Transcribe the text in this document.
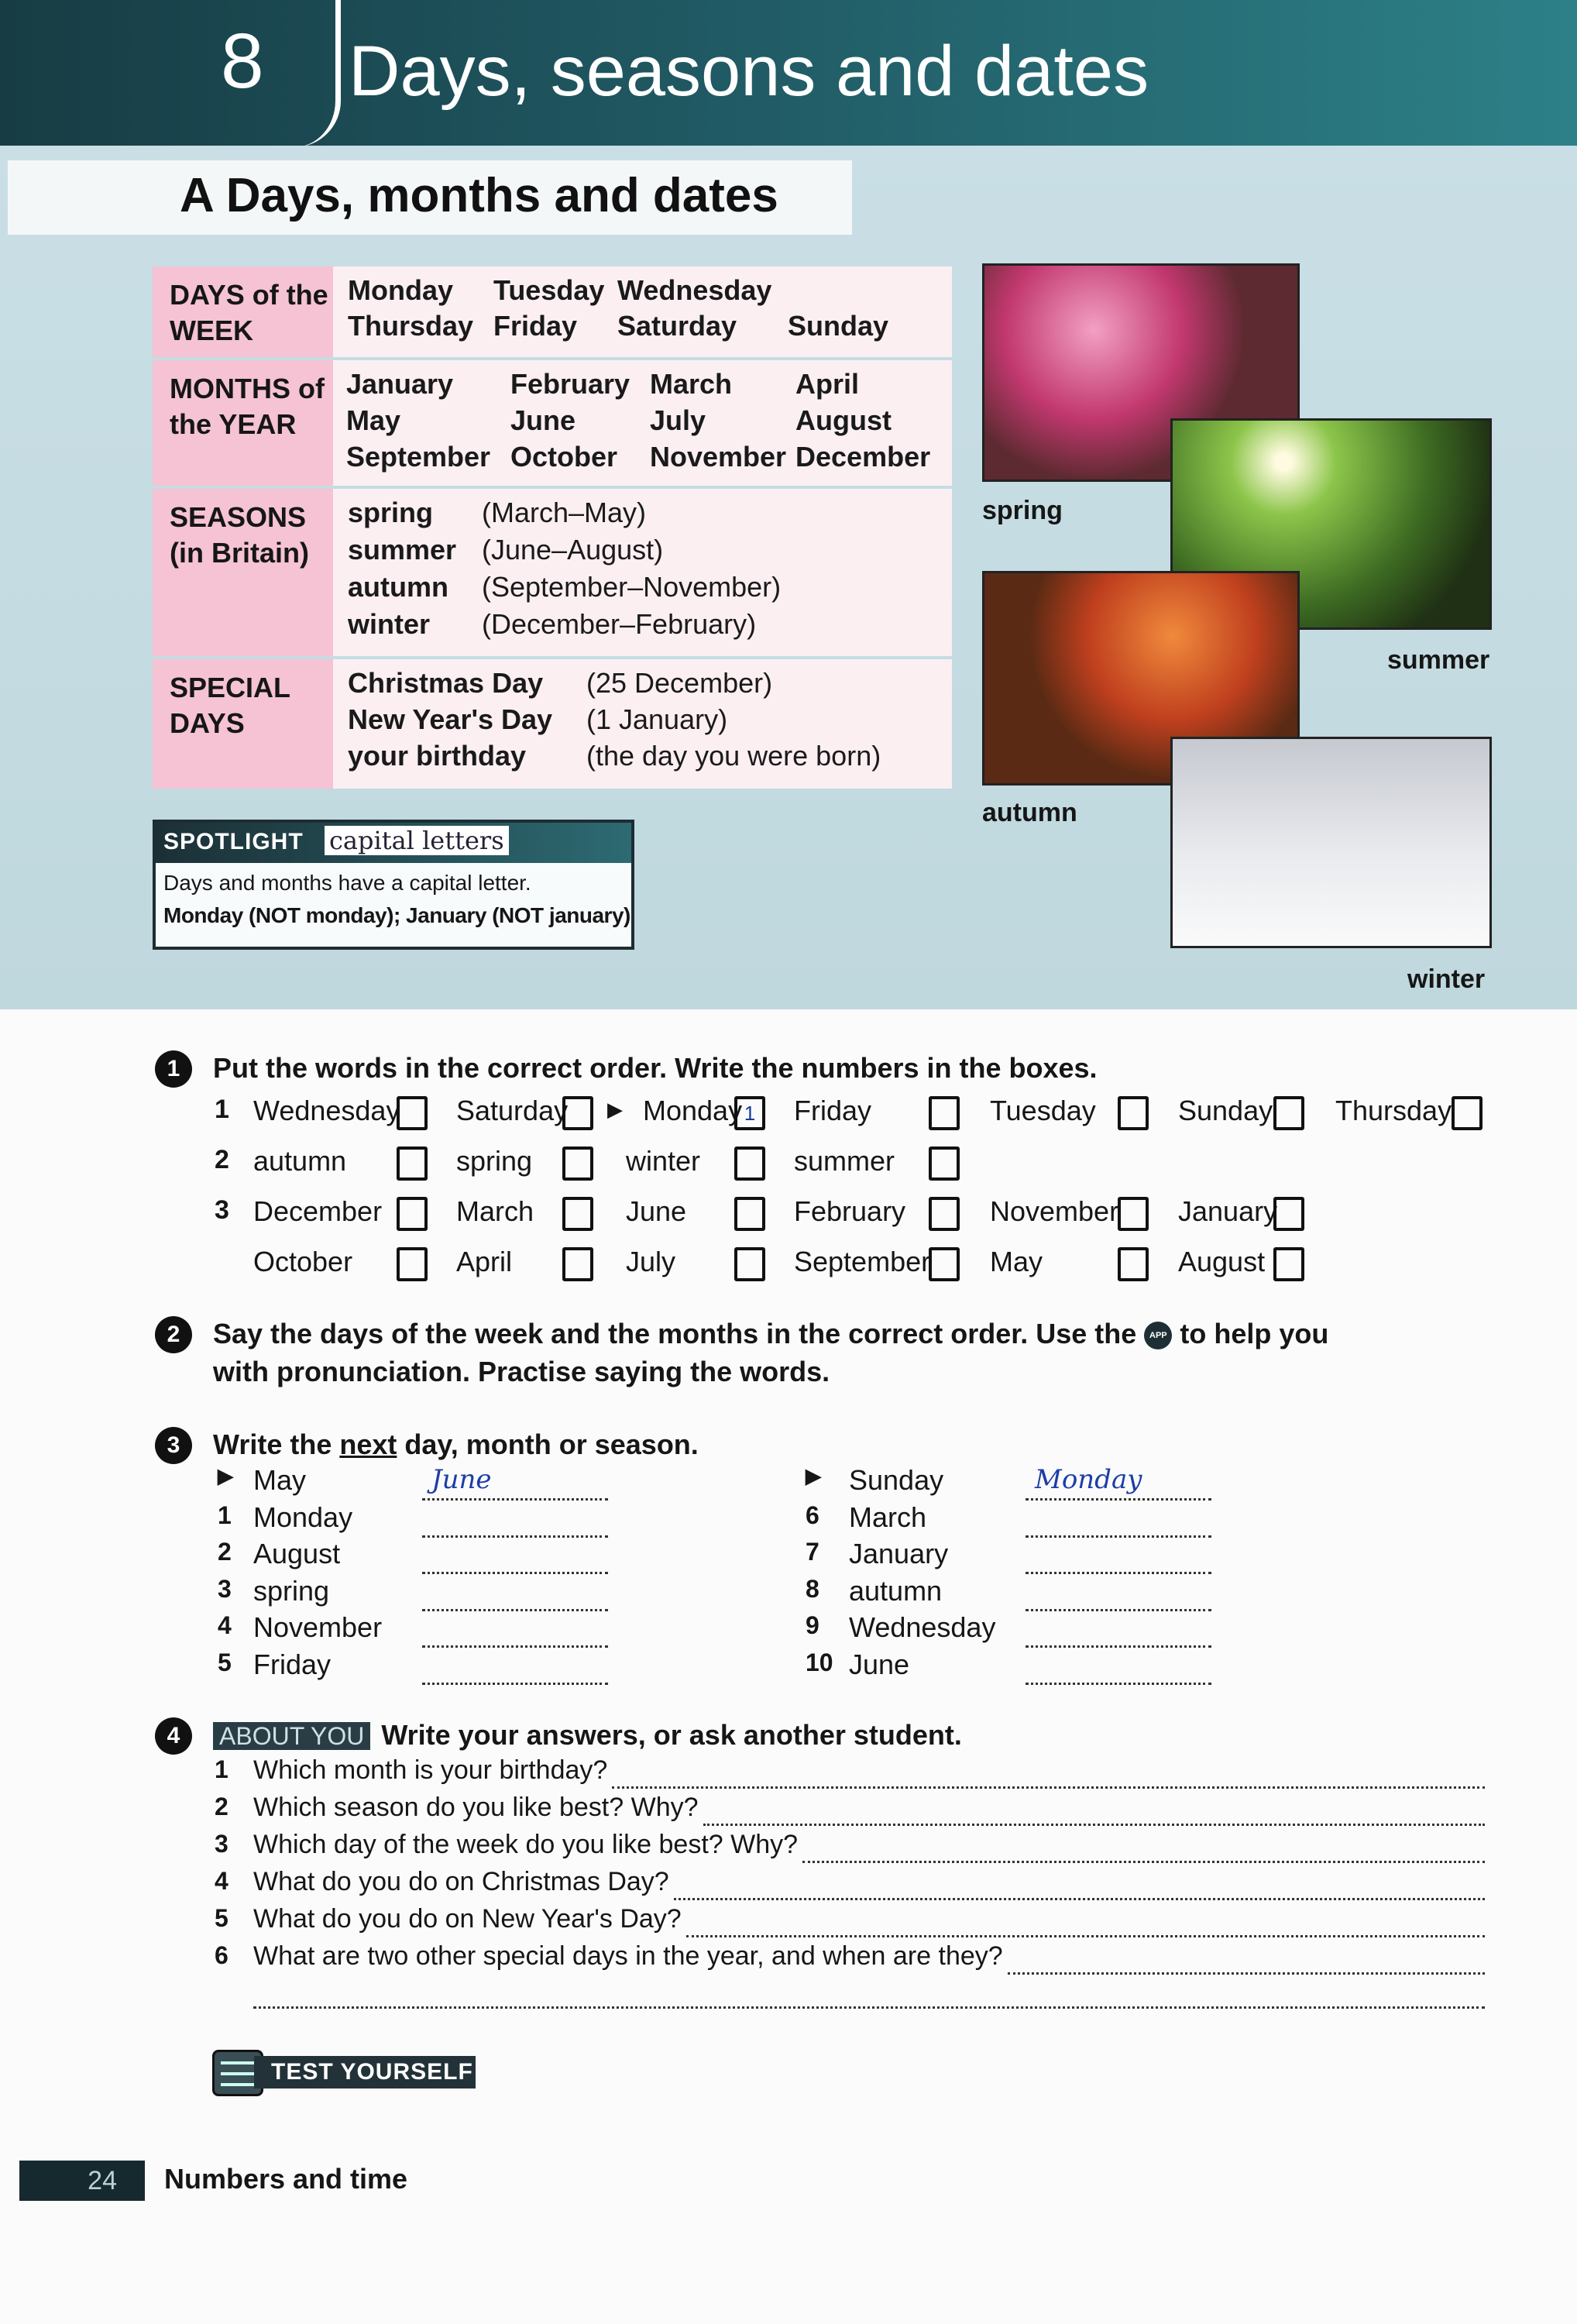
8 Days, seasons and dates
A Days, months and dates
DAYS of the WEEK
Monday Tuesday Wednesday
Thursday Friday Saturday Sunday
MONTHS of the YEAR
January February March April
May	June	July	August
September October November December
SEASONS (in Britain)
spring (March–May)
summer (June–August)
autumn (September–November)
winter (December–February)
SPECIAL DAYS
Christmas Day (25 December)
New Year's Day (1 January)
your birthday (the day you were born)
spring
summer
autumn
winter
SPOTLIGHT capital letters
Days and months have a capital letter.
Monday (NOT monday); January (NOT january)
1	Put the words in the correct order. Write the numbers in the boxes.
1 Wednesday Saturday ▶ Monday 1	Friday	Tuesday	Sunday Thursday
2 autumn	spring	winter	summer
3 December	March	June	February	November January
October	April	July	September May	August
2	Say the days of the week and the months in the correct order. Use the APP to help you
with pronunciation. Practise saying the words.
3	Write the next day, month or season.
▶ May	June
1 Monday
2 August
3 spring
4 November
5 Friday
▶ Sunday	Monday
6 March
7 January
8 autumn
9 Wednesday
10 June
4	ABOUT YOU Write your answers, or ask another student.
1 Which month is your birthday?
2 Which season do you like best? Why?
3 Which day of the week do you like best? Why?
4 What do you do on Christmas Day?
5 What do you do on New Year's Day?
6 What are two other special days in the year, and when are they?
TEST YOURSELF
24	Numbers and time
